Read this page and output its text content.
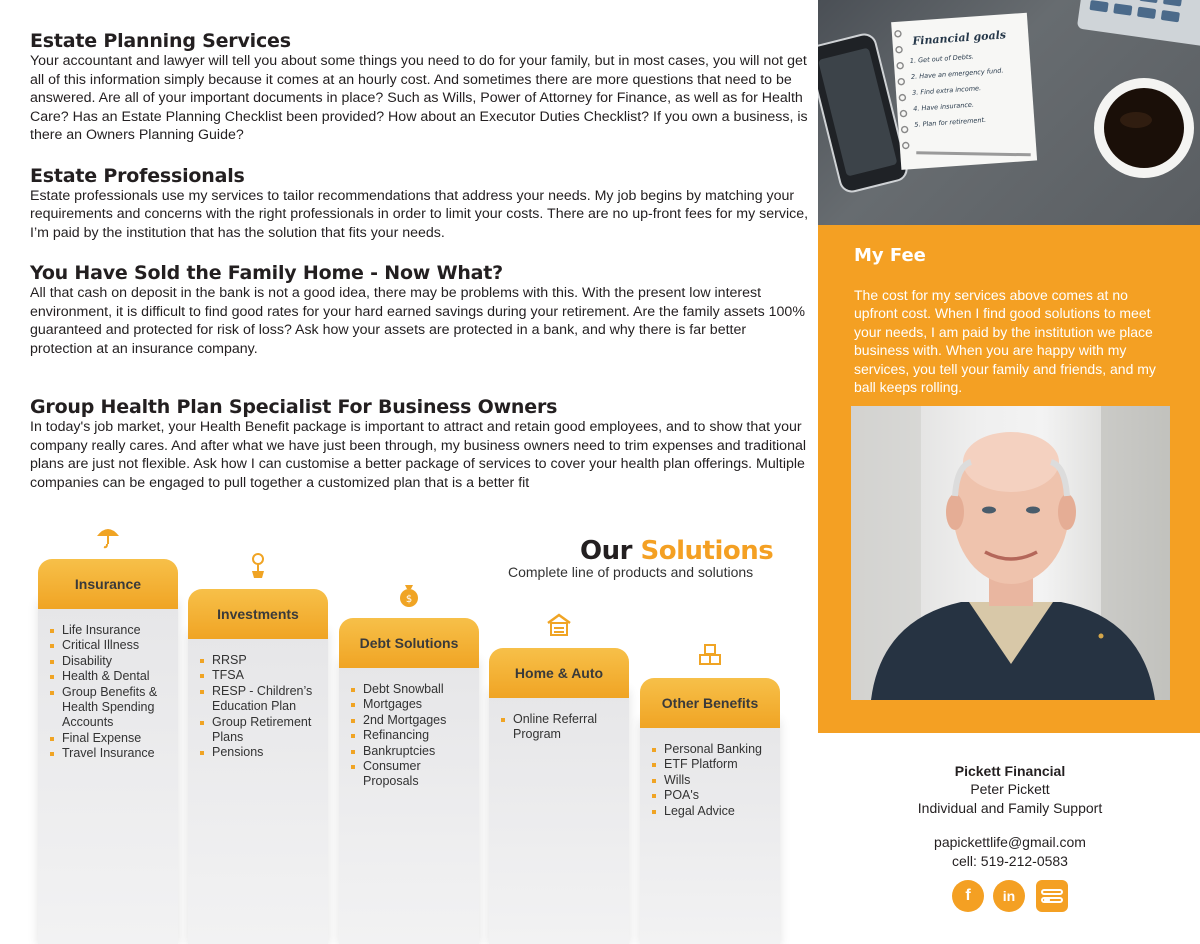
Estate Planning Services

Your accountant and lawyer will tell you about some things you need to do for your family, but in most cases, you will not get all of this information simply because it comes at an hourly cost. And sometimes there are more questions that need to be answered. Are all of your important documents in place? Such as Wills, Power of Attorney for Finance, as well as for Health Care? Has an Estate Planning Checklist been provided? How about an Executor Duties Checklist? If you own a business, is there an Owners Planning Guide?

Estate Professionals

Estate professionals use my services to tailor recommendations that address your needs. My job begins by matching your requirements and concerns with the right professionals in order to limit your costs. There are no up-front fees for my service, I’m paid by the institution that has the solution that fits your needs.

You Have Sold the Family Home - Now What?

All that cash on deposit in the bank is not a good idea, there may be problems with this. With the present low interest environment, it is difficult to find good rates for your hard earned savings during your retirement. Are the family assets 100% guaranteed and protected for risk of loss? Ask how your assets are protected in a bank, and why there is far better protection at an insurance company.

Group Health Plan Specialist For Business Owners

In today's job market, your Health Benefit package is important to attract and retain good employees, and to show that your company really cares. And after what we have just been through, my business owners need to trim expenses and traditional plans are just not flexible. Ask how I can customise a better package of services to cover your health plan offerings. Multiple companies can be engaged to pull together a customized plan that is a better fit

Our Solutions
Complete line of products and solutions
Insurance
Life Insurance
Critical Illness
Disability
Health & Dental
Group Benefits & Health Spending Accounts
Final Expense
Travel Insurance
Investments
RRSP
TFSA
RESP - Children’s Education Plan
Group Retirement Plans
Pensions
$
Debt Solutions
Debt Snowball
Mortgages
2nd Mortgages
Refinancing
Bankruptcies
Consumer Proposals
Home & Auto
Online Referral Program
Other Benefits
Personal Banking
ETF Platform
Wills
POA's
Legal Advice
Financial goals
1. Get out of Debts.
2. Have an emergency fund.
3. Find extra income.
4. Have insurance.
5. Plan for retirement.
My Fee
The cost for my services above comes at no upfront cost. When I find good solutions to meet your needs, I am paid by the institution we place business with. When you are happy with my services, you tell your family and friends, and my ball keeps rolling.
Pickett Financial
Peter Pickett
Individual and Family Support
papickettlife@gmail.com
cell: 519-212-0583
f	in
